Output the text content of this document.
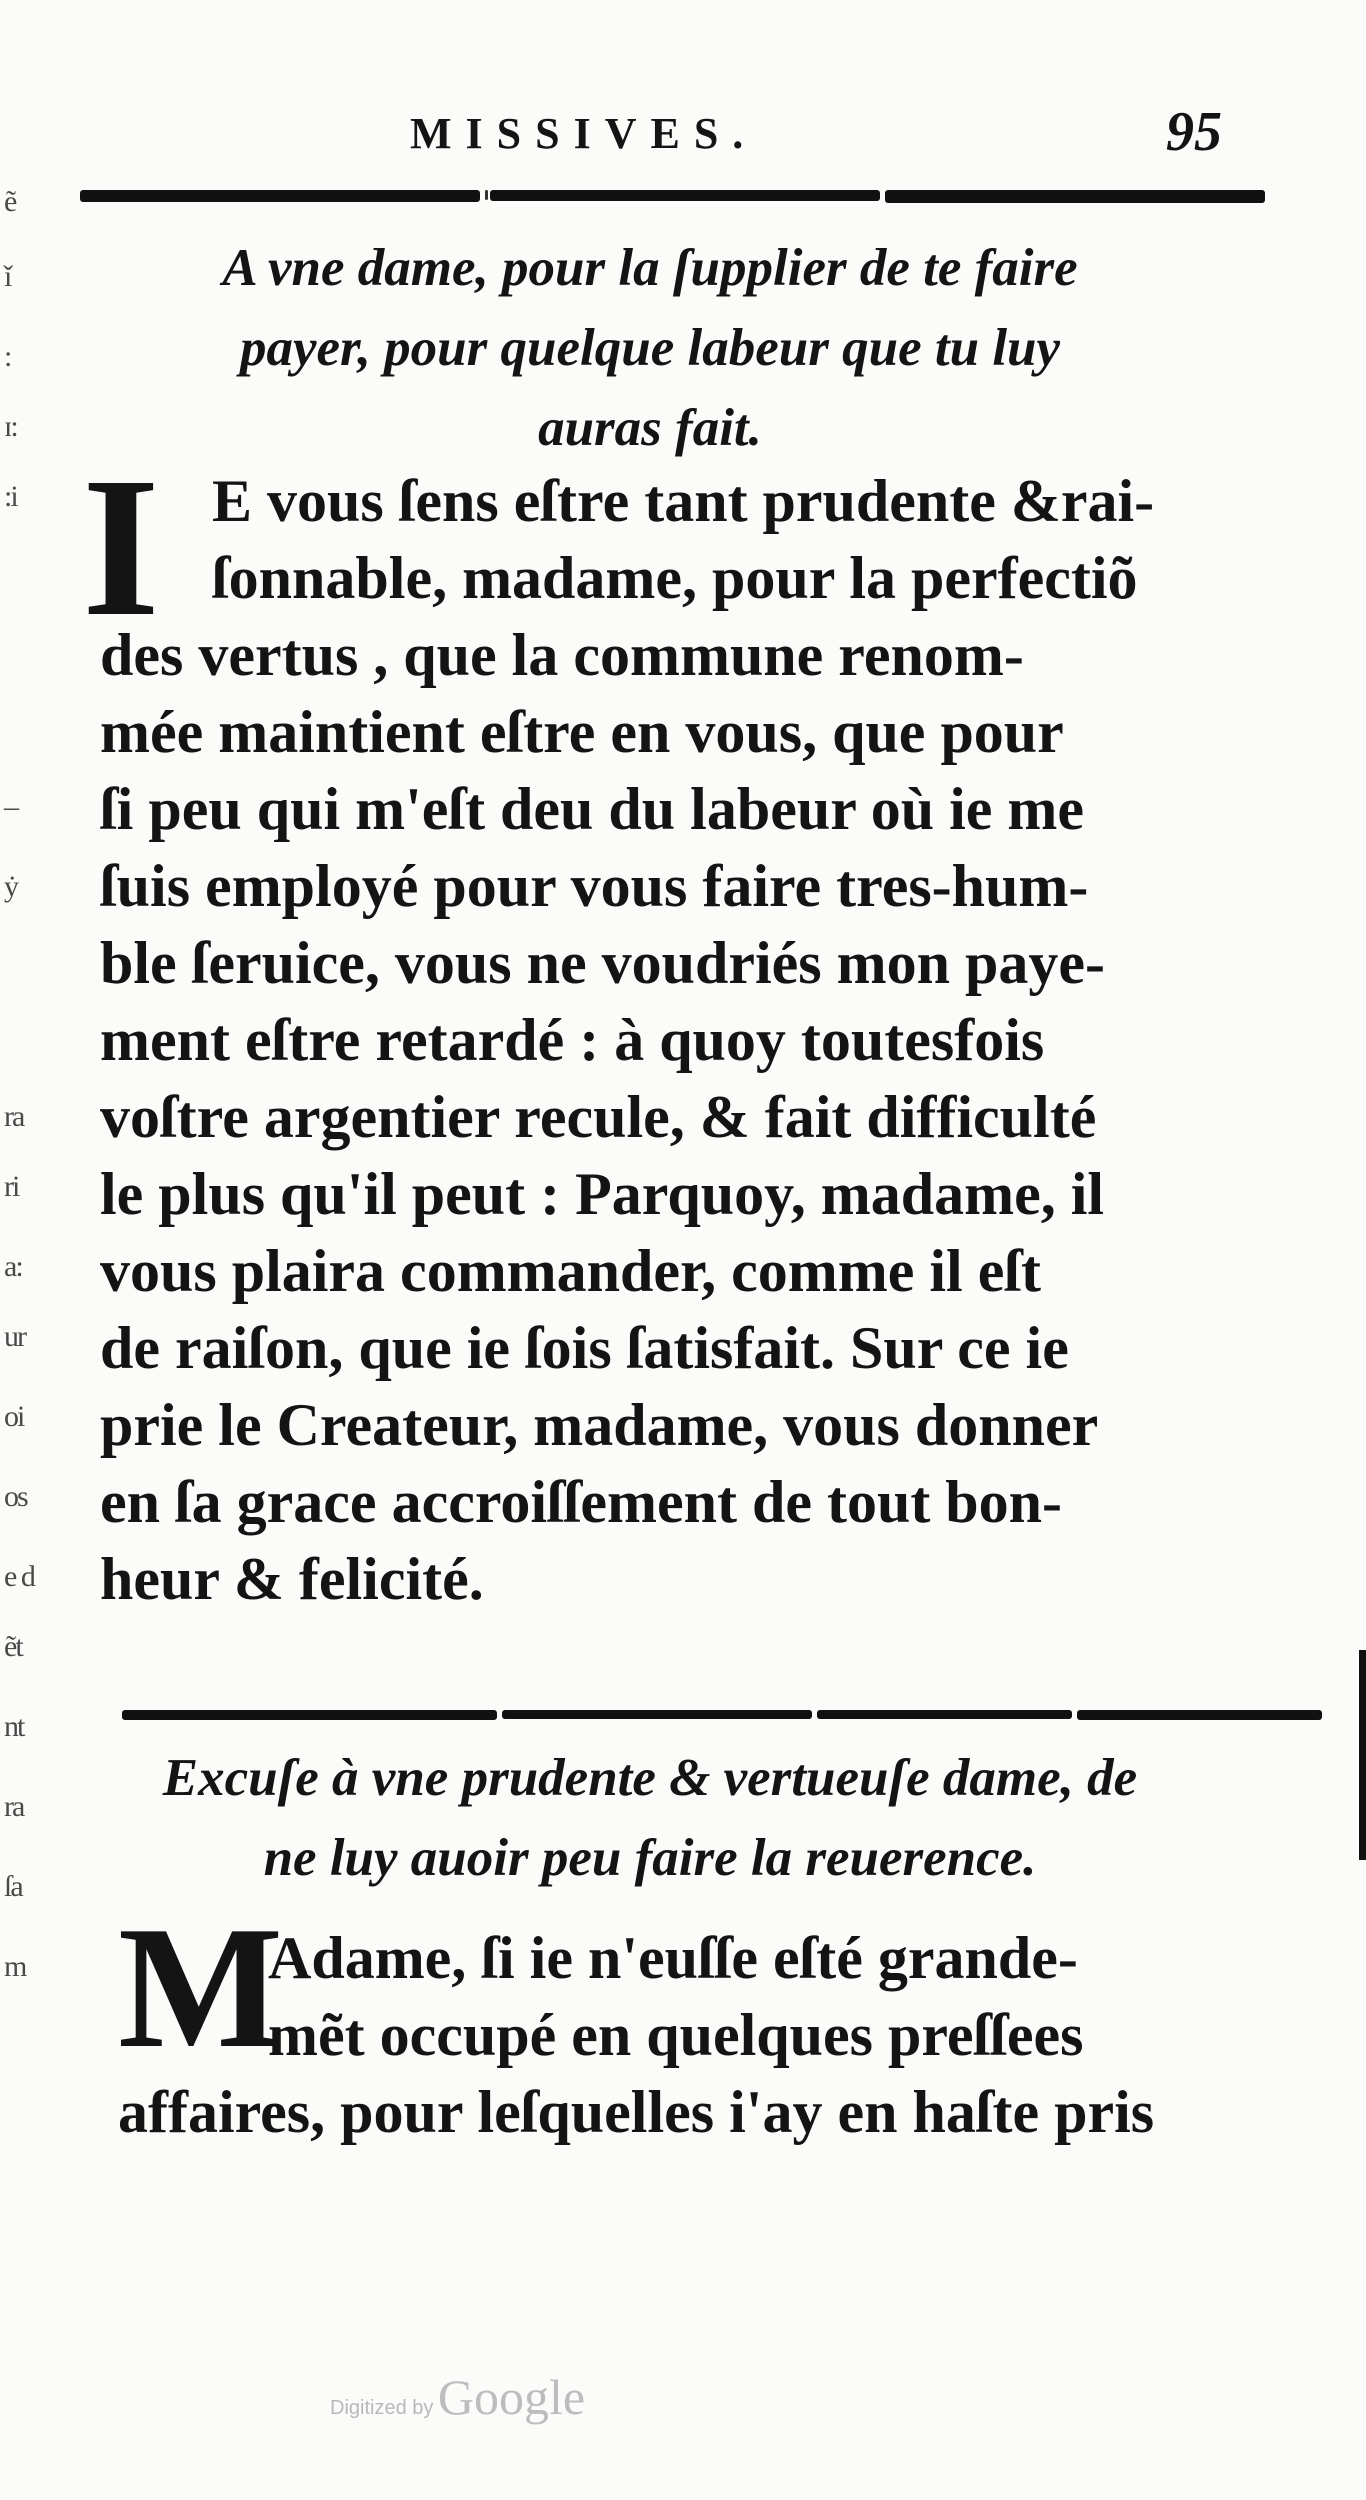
ẽ
ǐ
:
ɪ:
:i
–
ẏ
ra
ri
a:
ur
oi
os
e d
ẽt
nt
ra
ſa
m
MISSIVES.	95
A vne dame, pour la ſupplier de te faire
payer, pour quelque labeur que tu luy
auras fait.
I E vous ſens eſtre tant prudente &rai-
ſonnable, madame, pour la perfectiõ
des vertus , que la commune renom-
mée maintient eſtre en vous, que pour
ſi peu qui m'eſt deu du labeur où ie me
ſuis employé pour vous faire tres-hum-
ble ſeruice, vous ne voudriés mon paye-
ment eſtre retardé : à quoy toutesfois
voſtre argentier recule, & fait difficulté
le plus qu'il peut : Parquoy, madame, il
vous plaira commander, comme il eſt
de raiſon, que ie ſois ſatisfait. Sur ce ie
prie le Createur, madame, vous donner
en ſa grace accroiſſement de tout bon-
heur & felicité.
Excuſe à vne prudente & vertueuſe dame, de
ne luy auoir peu faire la reuerence.
M
Adame, ſi ie n'euſſe eſté grande-
mẽt occupé en quelques preſſees
affaires, pour leſquelles i'ay en haſte pris
Digitized by Google
